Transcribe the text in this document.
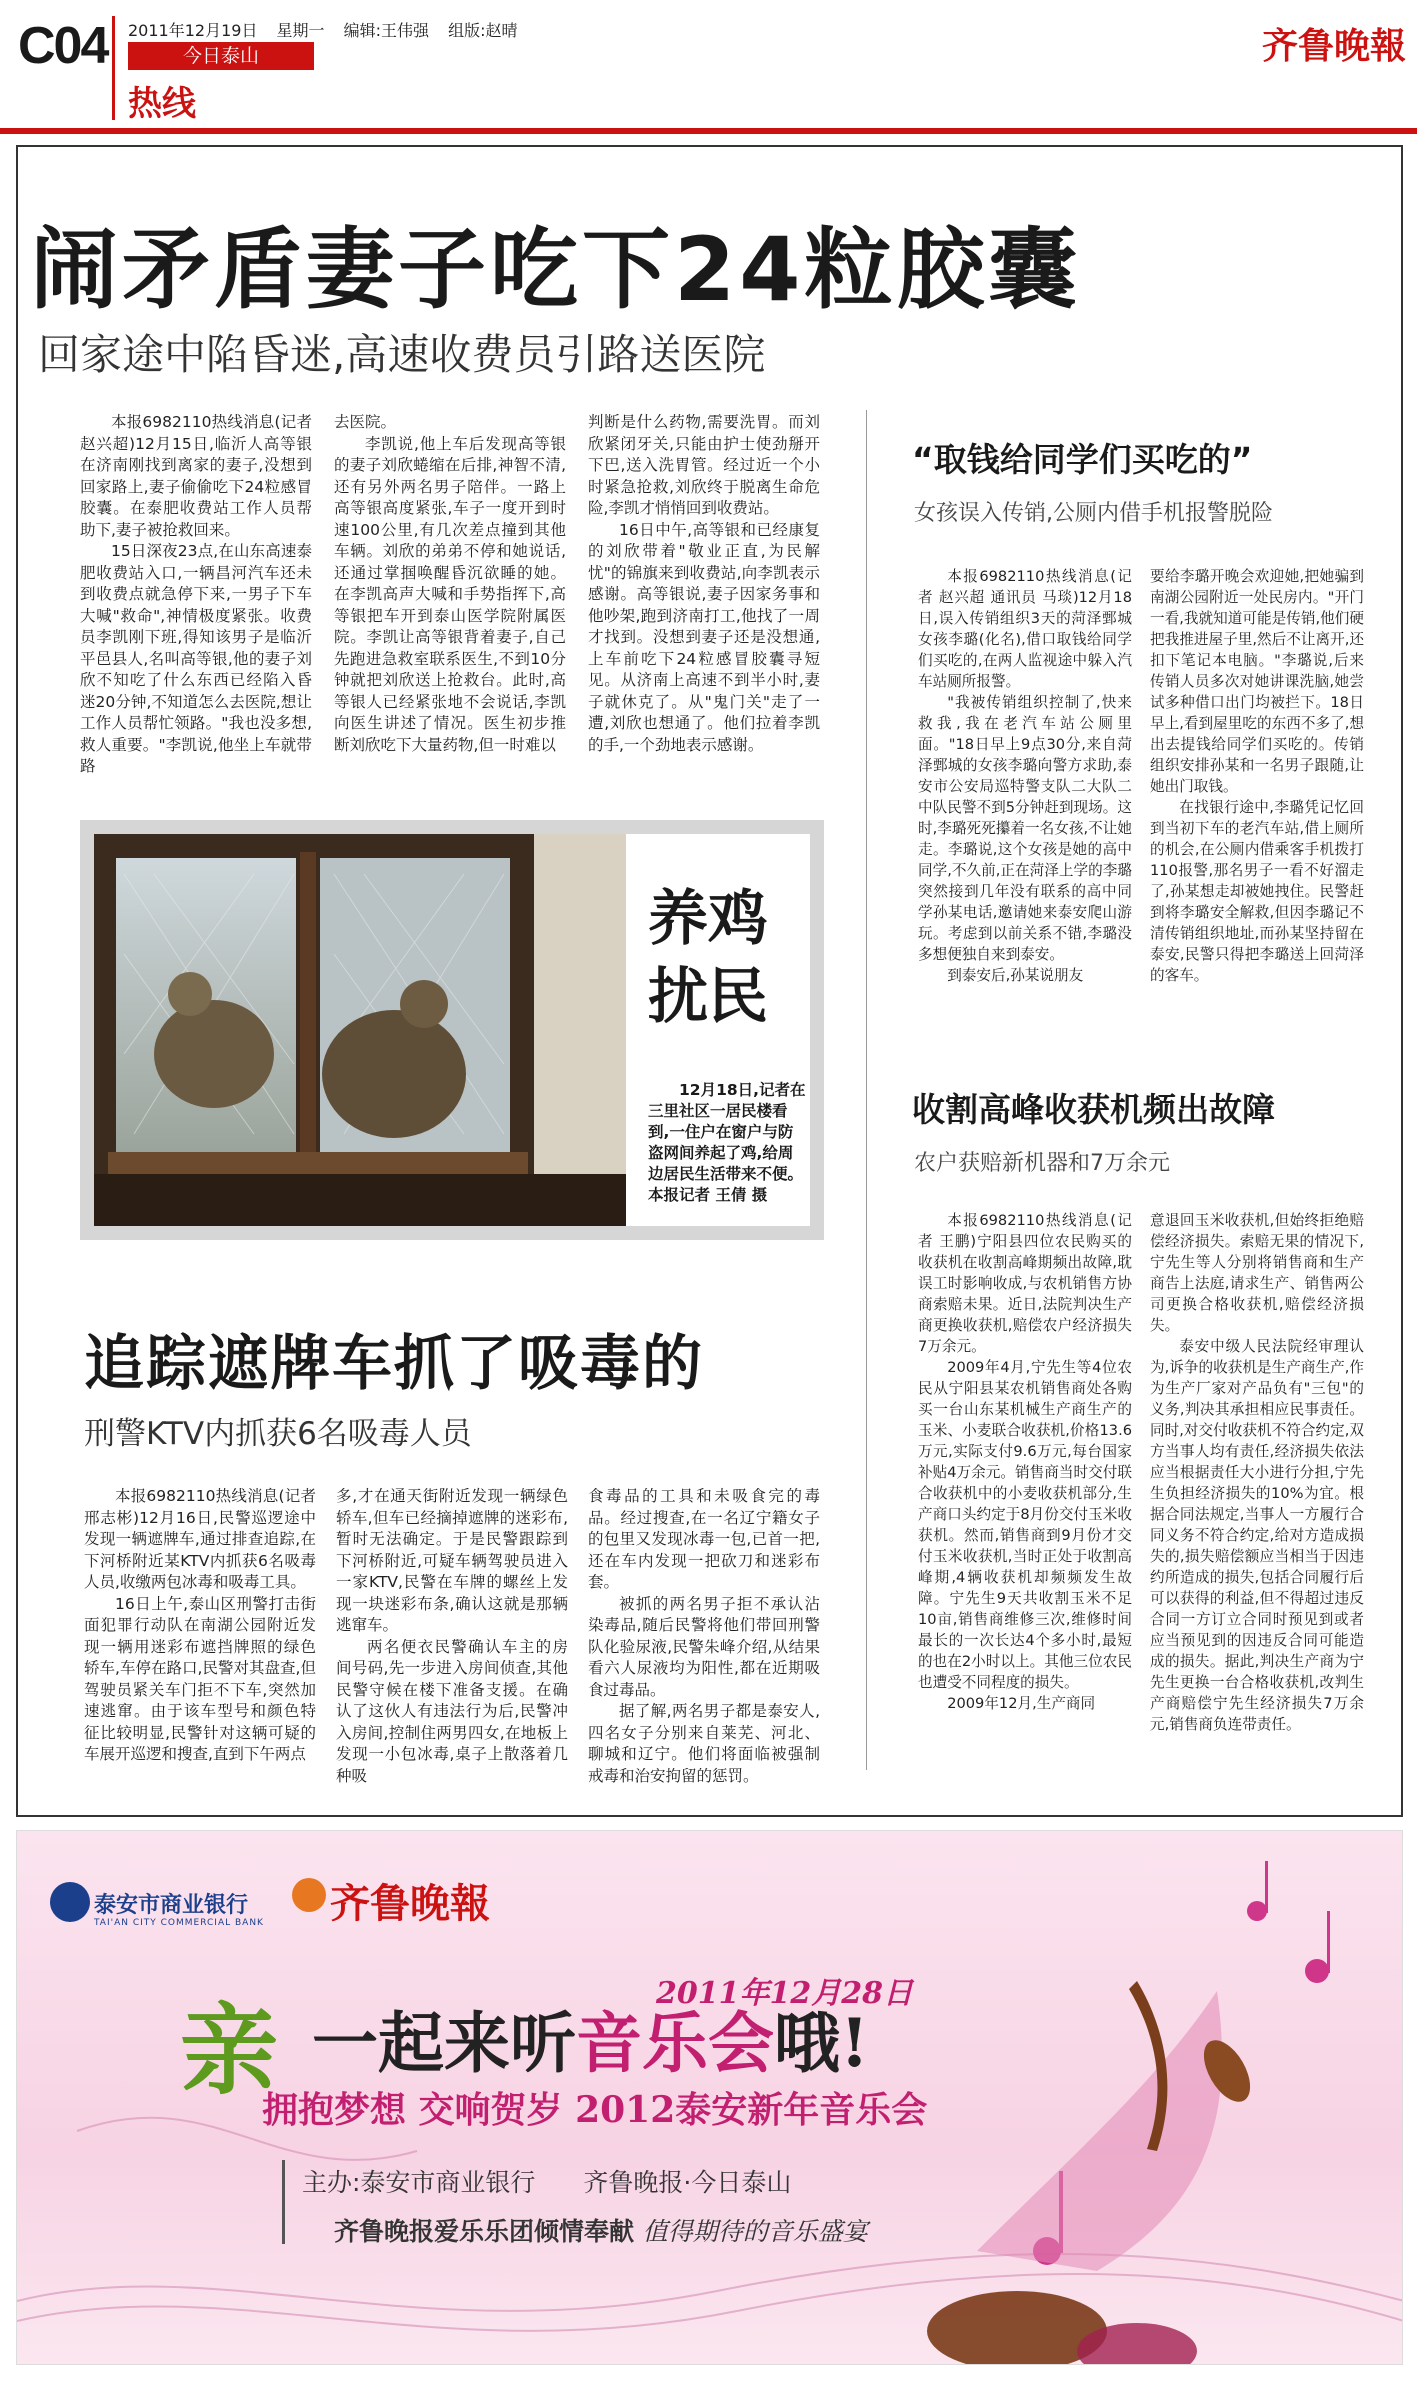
C04 2011年12月19日 星期一 编辑:王伟强 组版:赵晴
今日泰山
热线
齐鲁晚報
闹矛盾妻子吃下24粒胶囊
回家途中陷昏迷,高速收费员引路送医院

本报6982110热线消息(记者 赵兴超)12月15日,临沂人高等银在济南刚找到离家的妻子,没想到回家路上,妻子偷偷吃下24粒感冒胶囊。在泰肥收费站工作人员帮助下,妻子被抢救回来。

15日深夜23点,在山东高速泰肥收费站入口,一辆昌河汽车还未到收费点就急停下来,一男子下车大喊"救命",神情极度紧张。收费员李凯刚下班,得知该男子是临沂平邑县人,名叫高等银,他的妻子刘欣不知吃了什么东西已经陷入昏迷20分钟,不知道怎么去医院,想让工作人员帮忙领路。"我也没多想,救人重要。"李凯说,他坐上车就带路

去医院。

李凯说,他上车后发现高等银的妻子刘欣蜷缩在后排,神智不清,还有另外两名男子陪伴。一路上高等银高度紧张,车子一度开到时速100公里,有几次差点撞到其他车辆。刘欣的弟弟不停和她说话,还通过掌掴唤醒昏沉欲睡的她。在李凯高声大喊和手势指挥下,高等银把车开到泰山医学院附属医院。李凯让高等银背着妻子,自己先跑进急救室联系医生,不到10分钟就把刘欣送上抢救台。此时,高等银人已经紧张地不会说话,李凯向医生讲述了情况。医生初步推断刘欣吃下大量药物,但一时难以

判断是什么药物,需要洗胃。而刘欣紧闭牙关,只能由护士使劲掰开下巴,送入洗胃管。经过近一个小时紧急抢救,刘欣终于脱离生命危险,李凯才悄悄回到收费站。

16日中午,高等银和已经康复的刘欣带着"敬业正直,为民解忧"的锦旗来到收费站,向李凯表示感谢。高等银说,妻子因家务事和他吵架,跑到济南打工,他找了一周才找到。没想到妻子还是没想通,上车前吃下24粒感冒胶囊寻短见。从济南上高速不到半小时,妻子就休克了。从"鬼门关"走了一遭,刘欣也想通了。他们拉着李凯的手,一个劲地表示感谢。

“取钱给同学们买吃的”
女孩误入传销,公厕内借手机报警脱险

本报6982110热线消息(记者 赵兴超 通讯员 马琰)12月18日,误入传销组织3天的菏泽鄄城女孩李璐(化名),借口取钱给同学们买吃的,在两人监视途中躲入汽车站厕所报警。

"我被传销组织控制了,快来救我,我在老汽车站公厕里面。"18日早上9点30分,来自菏泽鄄城的女孩李璐向警方求助,泰安市公安局巡特警支队二大队二中队民警不到5分钟赶到现场。这时,李璐死死攥着一名女孩,不让她走。李璐说,这个女孩是她的高中同学,不久前,正在菏泽上学的李璐突然接到几年没有联系的高中同学孙某电话,邀请她来泰安爬山游玩。考虑到以前关系不错,李璐没多想便独自来到泰安。

到泰安后,孙某说朋友

要给李璐开晚会欢迎她,把她骗到南湖公园附近一处民房内。"开门一看,我就知道可能是传销,他们硬把我推进屋子里,然后不让离开,还扣下笔记本电脑。"李璐说,后来传销人员多次对她讲课洗脑,她尝试多种借口出门均被拦下。18日早上,看到屋里吃的东西不多了,想出去提钱给同学们买吃的。传销组织安排孙某和一名男子跟随,让她出门取钱。

在找银行途中,李璐凭记忆回到当初下车的老汽车站,借上厕所的机会,在公厕内借乘客手机拨打110报警,那名男子一看不好溜走了,孙某想走却被她拽住。民警赶到将李璐安全解救,但因李璐记不清传销组织地址,而孙某坚持留在泰安,民警只得把李璐送上回菏泽的客车。

养鸡
扰民

12月18日,记者在三里社区一居民楼看到,一住户在窗户与防盗网间养起了鸡,给周边居民生活带来不便。 本报记者 王倩 摄

收割高峰收获机频出故障
农户获赔新机器和7万余元

本报6982110热线消息(记者 王鹏)宁阳县四位农民购买的收获机在收割高峰期频出故障,耽误工时影响收成,与农机销售方协商索赔未果。近日,法院判决生产商更换收获机,赔偿农户经济损失7万余元。

2009年4月,宁先生等4位农民从宁阳县某农机销售商处各购买一台山东某机械生产商生产的玉米、小麦联合收获机,价格13.6万元,实际支付9.6万元,每台国家补贴4万余元。销售商当时交付联合收获机中的小麦收获机部分,生产商口头约定于8月份交付玉米收获机。然而,销售商到9月份才交付玉米收获机,当时正处于收割高峰期,4辆收获机却频频发生故障。宁先生9天共收割玉米不足10亩,销售商维修三次,维修时间最长的一次长达4个多小时,最短的也在2小时以上。其他三位农民也遭受不同程度的损失。

2009年12月,生产商同

意退回玉米收获机,但始终拒绝赔偿经济损失。索赔无果的情况下,宁先生等人分别将销售商和生产商告上法庭,请求生产、销售两公司更换合格收获机,赔偿经济损失。

泰安中级人民法院经审理认为,诉争的收获机是生产商生产,作为生产厂家对产品负有"三包"的义务,判决其承担相应民事责任。同时,对交付收获机不符合约定,双方当事人均有责任,经济损失依法应当根据责任大小进行分担,宁先生负担经济损失的10%为宜。根据合同法规定,当事人一方履行合同义务不符合约定,给对方造成损失的,损失赔偿额应当相当于因违约所造成的损失,包括合同履行后可以获得的利益,但不得超过违反合同一方订立合同时预见到或者应当预见到的因违反合同可能造成的损失。据此,判决生产商为宁先生更换一台合格收获机,改判生产商赔偿宁先生经济损失7万余元,销售商负连带责任。

追踪遮牌车抓了吸毒的
刑警KTV内抓获6名吸毒人员

本报6982110热线消息(记者 邢志彬)12月16日,民警巡逻途中发现一辆遮牌车,通过排查追踪,在下河桥附近某KTV内抓获6名吸毒人员,收缴两包冰毒和吸毒工具。

16日上午,泰山区刑警打击街面犯罪行动队在南湖公园附近发现一辆用迷彩布遮挡牌照的绿色轿车,车停在路口,民警对其盘查,但驾驶员紧关车门拒不下车,突然加速逃窜。由于该车型号和颜色特征比较明显,民警针对这辆可疑的车展开巡逻和搜查,直到下午两点

多,才在通天街附近发现一辆绿色轿车,但车已经摘掉遮牌的迷彩布,暂时无法确定。于是民警跟踪到下河桥附近,可疑车辆驾驶员进入一家KTV,民警在车牌的螺丝上发现一块迷彩布条,确认这就是那辆逃窜车。

两名便衣民警确认车主的房间号码,先一步进入房间侦查,其他民警守候在楼下准备支援。在确认了这伙人有违法行为后,民警冲入房间,控制住两男四女,在地板上发现一小包冰毒,桌子上散落着几种吸

食毒品的工具和未吸食完的毒品。经过搜查,在一名辽宁籍女子的包里又发现冰毒一包,已首一把,还在车内发现一把砍刀和迷彩布套。

被抓的两名男子拒不承认沾染毒品,随后民警将他们带回刑警队化验尿液,民警朱峰介绍,从结果看六人尿液均为阳性,都在近期吸食过毒品。

据了解,两名男子都是泰安人,四名女子分别来自莱芜、河北、聊城和辽宁。他们将面临被强制戒毒和治安拘留的惩罚。

泰安市商业银行
TAI'AN CITY COMMERCIAL BANK 齐鲁晚報
2011年12月28日
亲 一起来听音乐会哦!
拥抱梦想 交响贺岁 2012泰安新年音乐会
主办:泰安市商业银行 齐鲁晚报·今日泰山
齐鲁晚报爱乐乐团倾情奉献 值得期待的音乐盛宴
